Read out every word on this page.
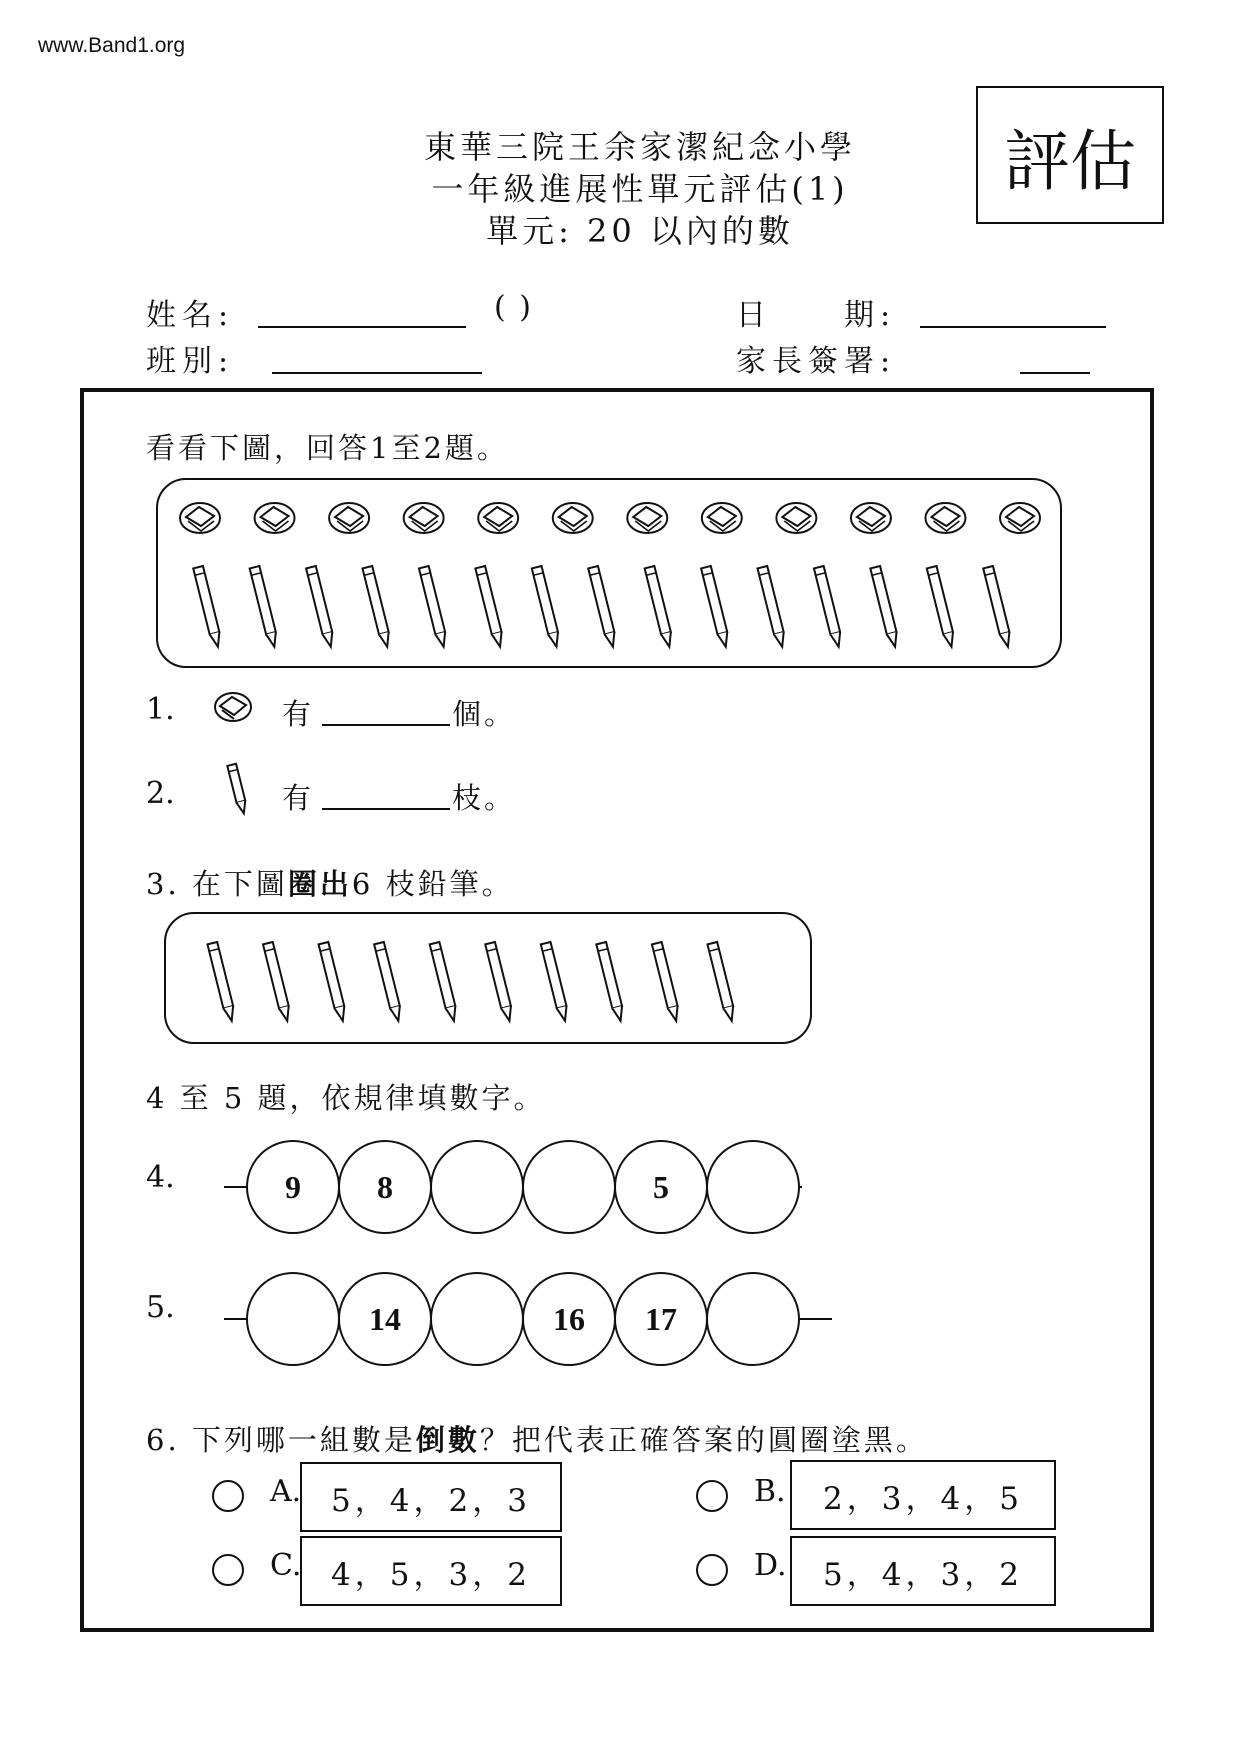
www.Band1.org
東華三院王余家潔紀念小學
一年級進展性單元評估(1)
單元: 20 以內的數
評估
姓名:	( )	日　　期:
班別:	家長簽署:
看看下圖，回答1至2題。
1.	有	個。
2.	有	枝。
3. 在下圖圈出6 枝鉛筆。
4 至 5 題，依規律填數字。
4.	9	8	5
5.	14	16	17
6. 下列哪一組數是倒數？把代表正確答案的圓圈塗黑。
A. 5，4，2，3	B.	2，3，4，5
C. 4，5，3，2	D.	5，4，3，2
